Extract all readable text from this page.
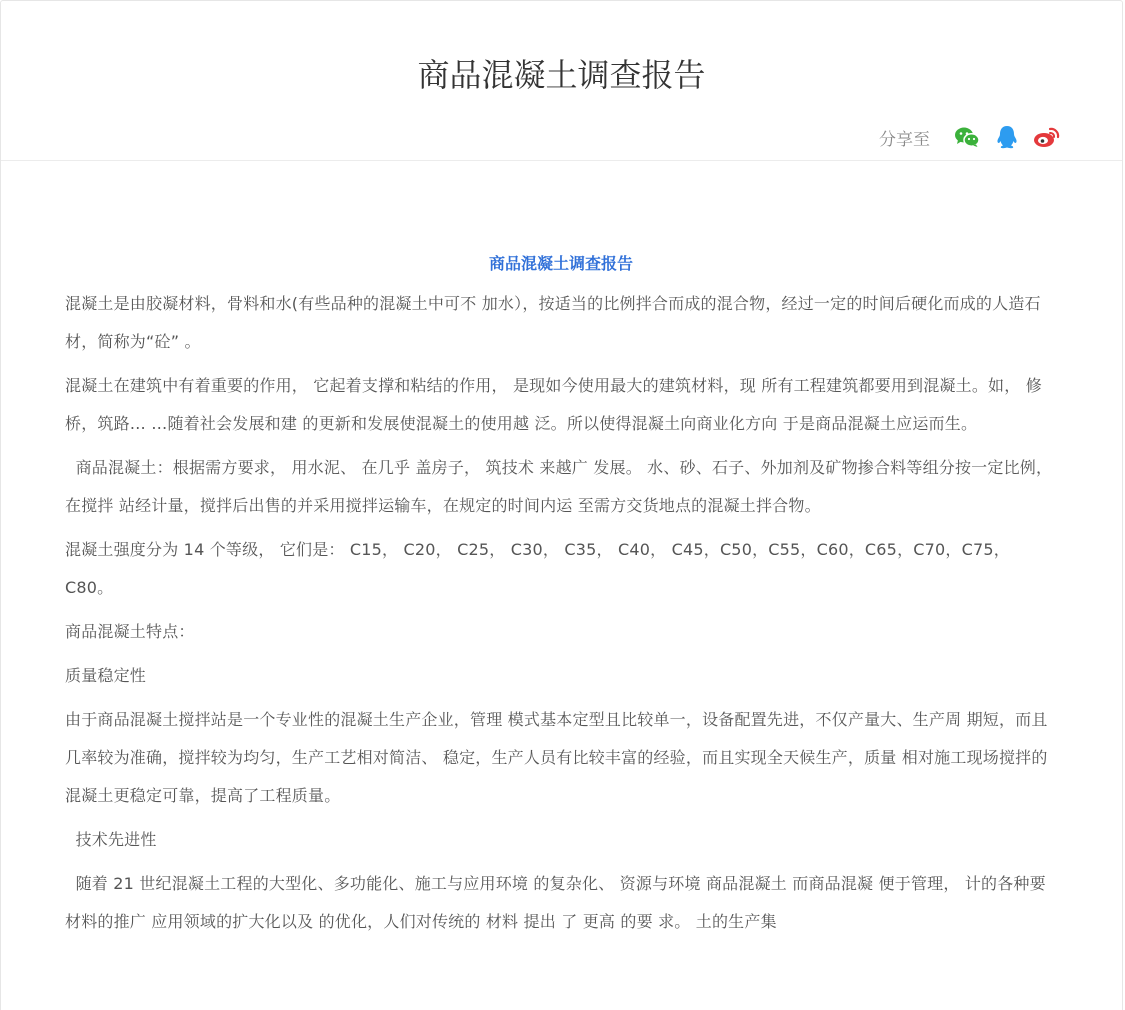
商品混凝土调查报告
分享至
商品混凝土调查报告

混凝土是由胶凝材料，骨料和水(有些品种的混凝土中可不 加水），按适当的比例拌合而成的混合物，经过一定的时间后硬化而成的人造石材，简称为“砼” 。

混凝土在建筑中有着重要的作用， 它起着支撑和粘结的作用， 是现如今使用最大的建筑材料，现 所有工程建筑都要用到混凝土。如， 修桥，筑路… …随着社会发展和建 的更新和发展使混凝土的使用越 泛。所以使得混凝土向商业化方向 于是商品混凝土应运而生。

商品混凝土：根据需方要求， 用水泥、 在几乎 盖房子， 筑技术 来越广 发展。 水、砂、石子、外加剂及矿物掺合料等组分按一定比例，在搅拌 站经计量，搅拌后出售的并采用搅拌运输车，在规定的时间内运 至需方交货地点的混凝土拌合物。

混凝土强度分为 14 个等级， 它们是： C15， C20， C25， C30， C35， C40， C45，C50，C55，C60，C65，C70，C75，C80。

商品混凝土特点：

质量稳定性

由于商品混凝土搅拌站是一个专业性的混凝土生产企业，管理 模式基本定型且比较单一，设备配置先进，不仅产量大、生产周 期短，而且几率较为准确，搅拌较为均匀，生产工艺相对简洁、 稳定，生产人员有比较丰富的经验，而且实现全天候生产，质量 相对施工现场搅拌的混凝土更稳定可靠，提高了工程质量。

技术先进性

随着 21 世纪混凝土工程的大型化、多功能化、施工与应用环境 的复杂化、 资源与环境 商品混凝土 而商品混凝 便于管理， 计的各种要 材料的推广 应用领域的扩大化以及 的优化，人们对传统的 材料 提出 了 更高 的要 求。 土的生产集
